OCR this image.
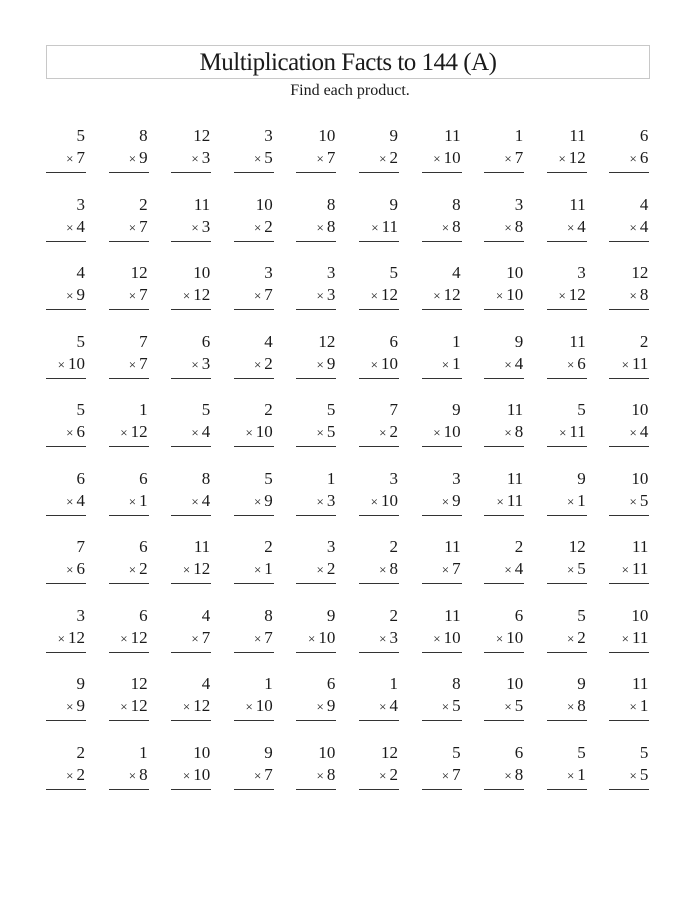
Multiplication Facts to 144 (A)
Find each product.
5
× 7
8
× 9
12
× 3
3
× 5
10
× 7
9
× 2
11
× 10
1
× 7
11
× 12
6
× 6
3
× 4
2
× 7
11
× 3
10
× 2
8
× 8
9
× 11
8
× 8
3
× 8
11
× 4
4
× 4
4
× 9
12
× 7
10
× 12
3
× 7
3
× 3
5
× 12
4
× 12
10
× 10
3
× 12
12
× 8
5
× 10
7
× 7
6
× 3
4
× 2
12
× 9
6
× 10
1
× 1
9
× 4
11
× 6
2
× 11
5
× 6
1
× 12
5
× 4
2
× 10
5
× 5
7
× 2
9
× 10
11
× 8
5
× 11
10
× 4
6
× 4
6
× 1
8
× 4
5
× 9
1
× 3
3
× 10
3
× 9
11
× 11
9
× 1
10
× 5
7
× 6
6
× 2
11
× 12
2
× 1
3
× 2
2
× 8
11
× 7
2
× 4
12
× 5
11
× 11
3
× 12
6
× 12
4
× 7
8
× 7
9
× 10
2
× 3
11
× 10
6
× 10
5
× 2
10
× 11
9
× 9
12
× 12
4
× 12
1
× 10
6
× 9
1
× 4
8
× 5
10
× 5
9
× 8
11
× 1
2
× 2
1
× 8
10
× 10
9
× 7
10
× 8
12
× 2
5
× 7
6
× 8
5
× 1
5
× 5
